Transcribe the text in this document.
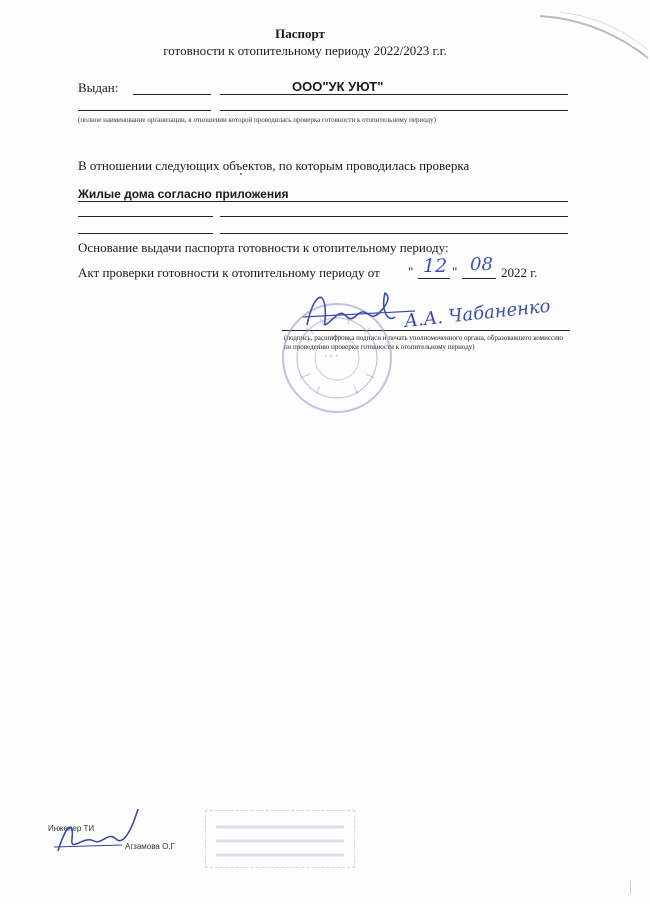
Паспорт
готовности к отопительному периоду 2022/2023 г.г.
Выдан:	ООО"УК УЮТ"
(полное наименование организации, в отношении которой проводилась проверка готовности к отопительному периоду)
В отношении следующих объектов, по которым проводилась проверка
Жилые дома согласно приложения
Основание выдачи паспорта готовности к отопительному периоду:
Акт проверки готовности к отопительному периоду от " 12 " 08 2022 г.
(подпись, расшифровка подписи и печать уполномоченного органа, образовавшего комиссию по проведению проверки готовности к отопительному периоду)
• • •
А.А. Чабаненко
Инженер ТИ
Агзамова О.Г
